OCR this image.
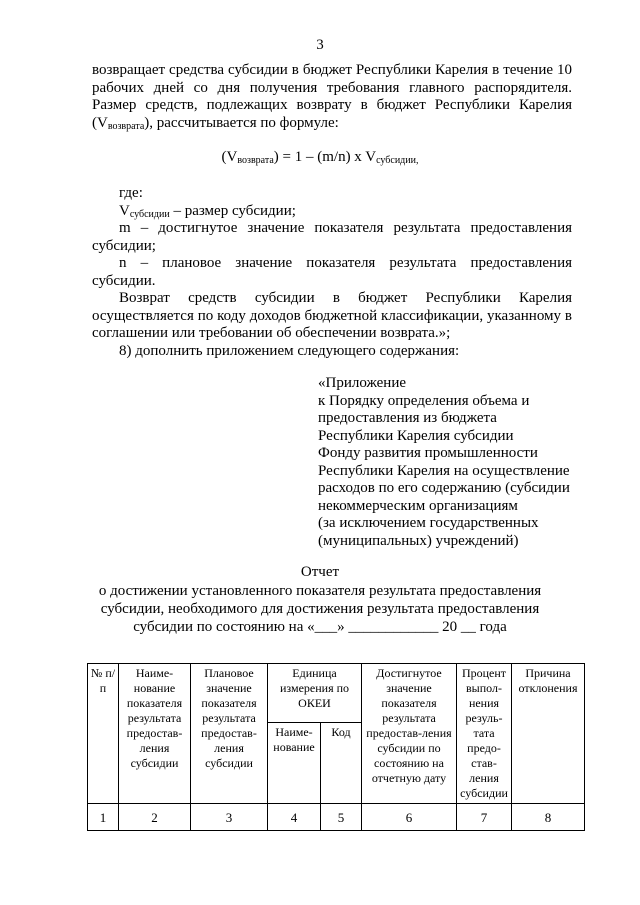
3
возвращает средства субсидии в бюджет Республики Карелия в течение 10 рабочих дней со дня получения требования главного распорядителя. Размер средств, подлежащих возврату в бюджет Республики Карелия $(V_{возврата})$, рассчитывается по формуле:
$(V_{возврата}) = 1 - (m/n)$ x $V_{субсидии,}$
где:
$V_{субсидии}$ – размер субсидии;
m – достигнутое значение показателя результата предоставления субсидии;
n – плановое значение показателя результата предоставления субсидии.
Возврат средств субсидии в бюджет Республики Карелия осуществляется по коду доходов бюджетной классификации, указанному в соглашении или требовании об обеспечении возврата.»;
8) дополнить приложением следующего содержания:
«Приложение
к Порядку определения объема и
предоставления из бюджета
Республики Карелия субсидии
Фонду развития промышленности
Республики Карелия на осуществление
расходов по его содержанию (субсидии
некоммерческим организациям
(за исключением государственных
(муниципальных) учреждений)
Отчет
о достижении установленного показателя результата предоставления
субсидии, необходимого для достижения результата предоставления
субсидии по состоянию на «___» ____________ 20 __ года
№ п/п	Наиме-нование показателя результата предостав-ления субсидии	Плановое значение показателя результата предостав-ления субсидии	Единица измерения по ОКЕИ		Достигнутое значение показателя результата предостав-ления субсидии по состоянию на отчетную дату	Процент выпол-нения резуль-тата предо-став-ления субсидии	Причина отклонения
			Наиме-нование	Код			
1	2	3	4	5	6	7	8
